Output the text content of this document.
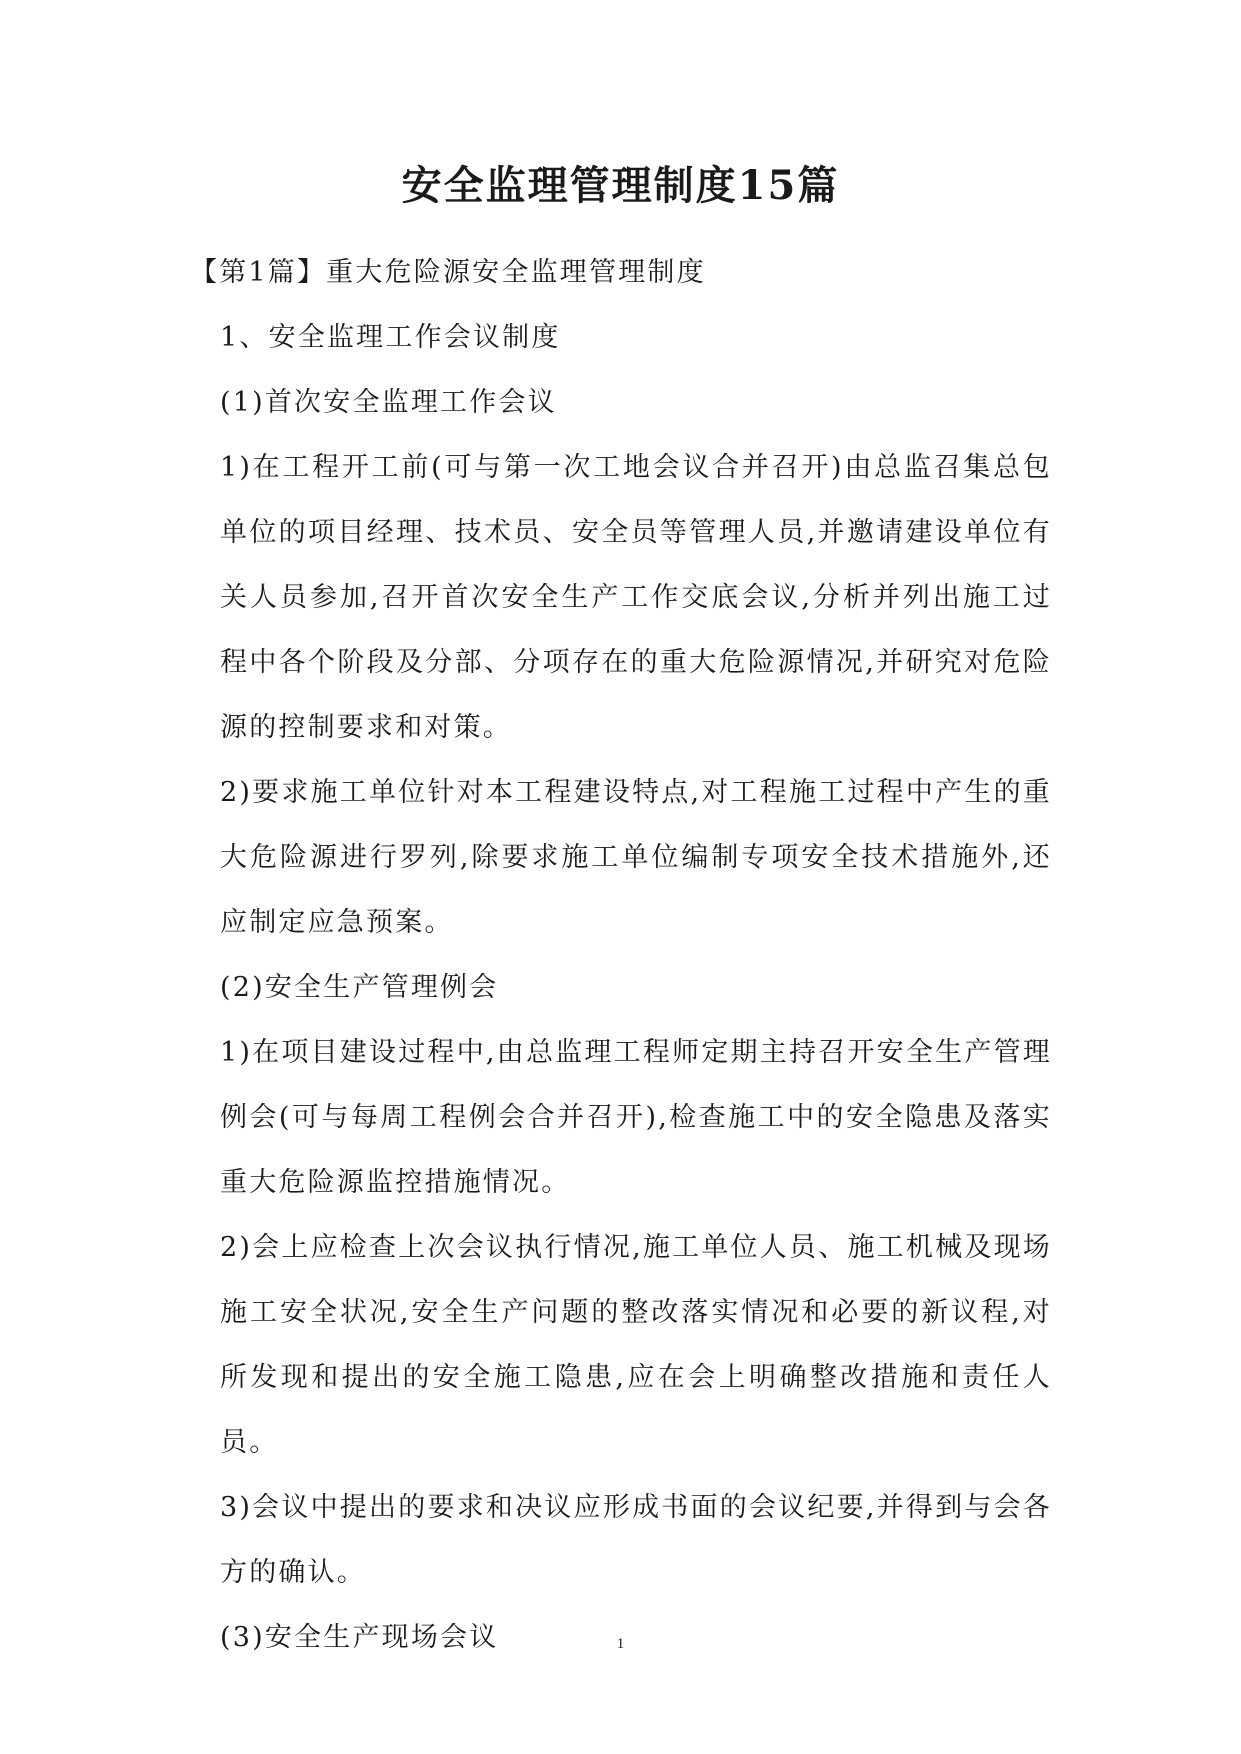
安全监理管理制度15篇

【第1篇】重大危险源安全监理管理制度

1、安全监理工作会议制度

(1)首次安全监理工作会议

1)在工程开工前(可与第一次工地会议合并召开)由总监召集总包单位的项目经理、技术员、安全员等管理人员,并邀请建设单位有关人员参加,召开首次安全生产工作交底会议,分析并列出施工过程中各个阶段及分部、分项存在的重大危险源情况,并研究对危险源的控制要求和对策。

2)要求施工单位针对本工程建设特点,对工程施工过程中产生的重大危险源进行罗列,除要求施工单位编制专项安全技术措施外,还应制定应急预案。

(2)安全生产管理例会

1)在项目建设过程中,由总监理工程师定期主持召开安全生产管理例会(可与每周工程例会合并召开),检查施工中的安全隐患及落实重大危险源监控措施情况。

2)会上应检查上次会议执行情况,施工单位人员、施工机械及现场施工安全状况,安全生产问题的整改落实情况和必要的新议程,对所发现和提出的安全施工隐患,应在会上明确整改措施和责任人员。

3)会议中提出的要求和决议应形成书面的会议纪要,并得到与会各方的确认。

(3)安全生产现场会议	1
